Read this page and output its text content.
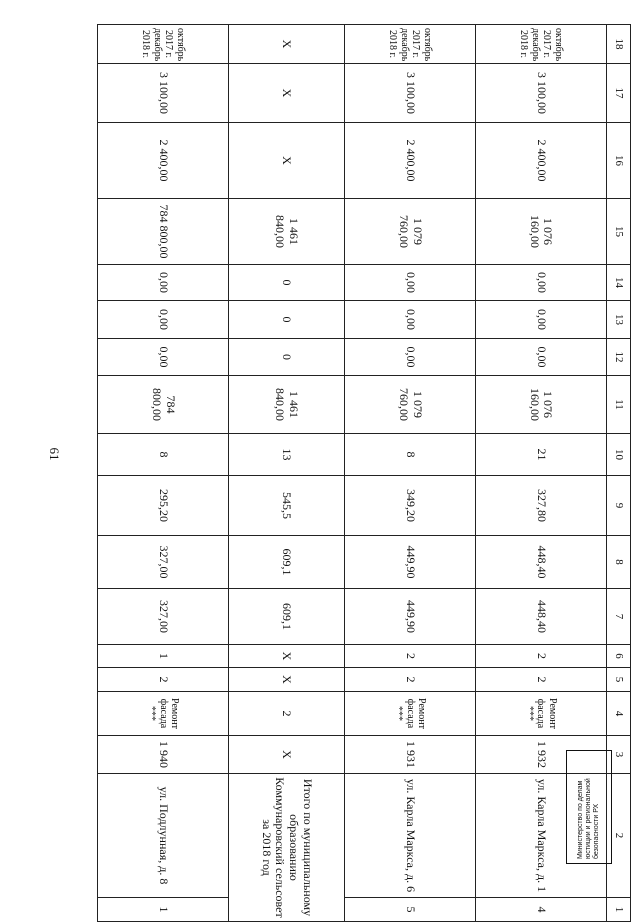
61
18	17	16	15	14	13	12	11	10	9	8	7	6	5	4	3	2	1
октябрь 2017 г. декабрь 2018 г.	3 100,00	2 400,00	1 076 160,00	0,00	0,00	0,00	1 076 160,00	21	327,80	448,40	448,40	2	2	Ремонт фасада ***	1 932	ул. Карла Маркса, д. 1	4
октябрь 2017 г. декабрь 2018 г.	3 100,00	2 400,00	1 079 760,00	0,00	0,00	0,00	1 079 760,00	8	349,20	449,90	449,90	2	2	Ремонт фасада ***	1 931	ул. Карла Маркса, д. 6	5
X	X	X	1 461 840,00	0	0	0	1 461 840,00	13	545,5	609,1	609,1	X	X	2	X	Итого по муниципальному образованию Коммунаровский сельсовет за 2018 год	
октябрь 2017 г. декабрь 2018 г.	3 100,00	2 400,00	784 800,00	0,00	0,00	0,00	784 800,00	8	295,20	327,00	327,00	1	2	Ремонт фасада ***	1 940	ул. Подлунная, д. 8	1
Министерство по делам юстиции и региональной безопасности РХ
